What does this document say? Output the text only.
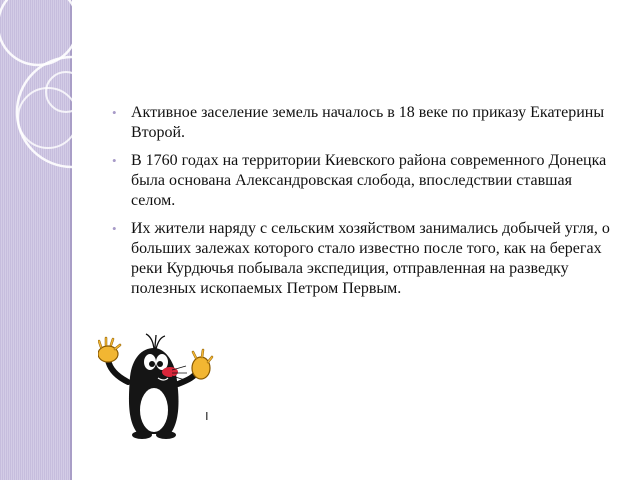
• Активное заселение земель началось в 18 веке по приказу Екатерины Второй.
• В 1760 годах на территории Киевского района современного Донецка была основана Александровская слобода, впоследствии ставшая селом.
• Их жители наряду с сельским хозяйством занимались добычей угля, о больших залежах которого стало известно после того, как на берегах реки Курдючья побывала экспедиция, отправленная на разведку полезных ископаемых Петром Первым.
